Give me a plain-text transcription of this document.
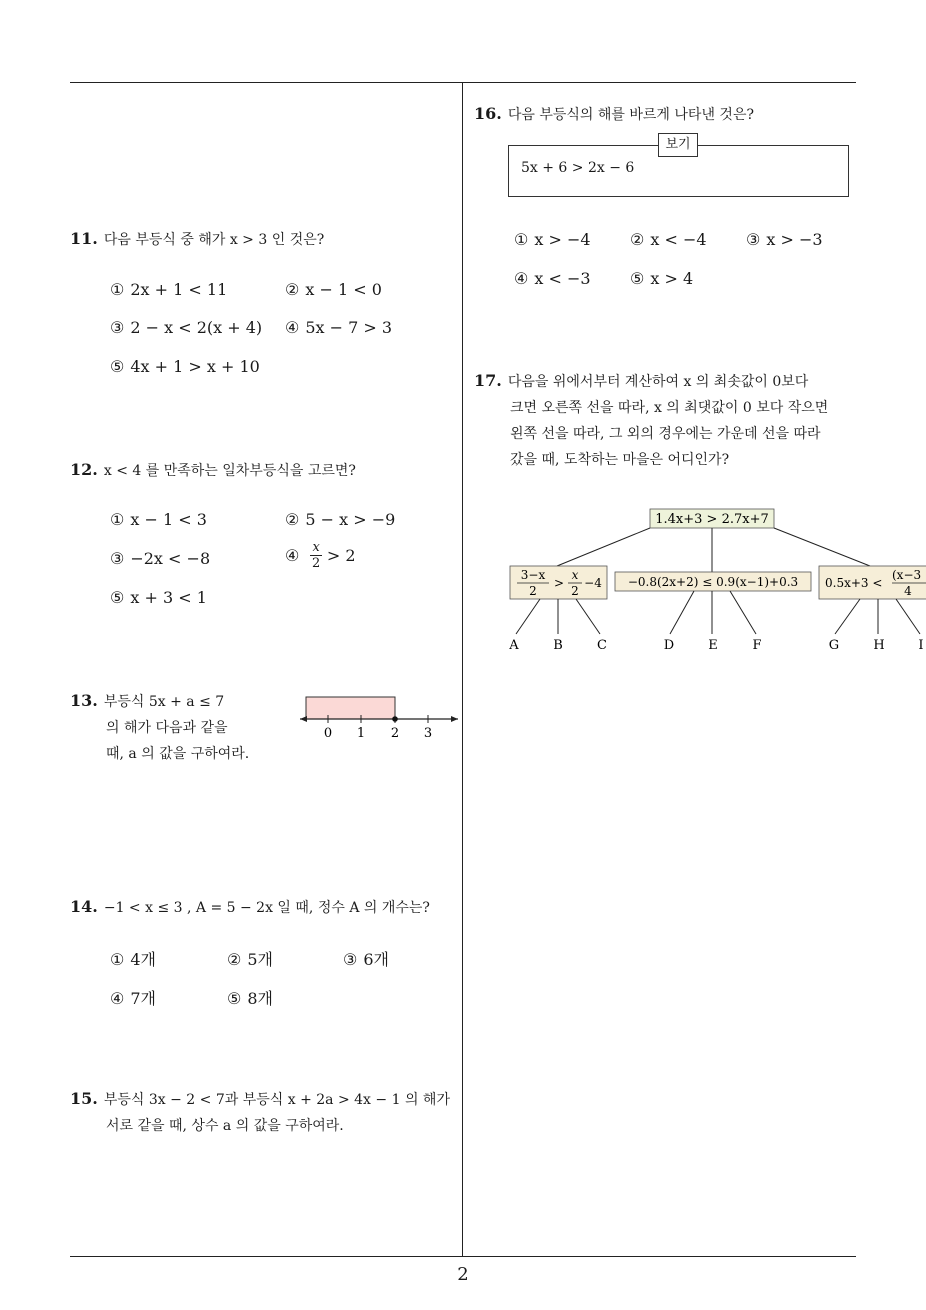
2
11. 다음 부등식 중 해가 x > 3 인 것은?
① 2x + 1 < 11	② x − 1 < 0
③ 2 − x < 2(x + 4) ④ 5x − 7 > 3
⑤ 4x + 1 > x + 10
12. x < 4 를 만족하는 일차부등식을 고르면?
① x − 1 < 3	② 5 − x > −9
③ −2x < −8	④ $\frac{x}{2} > 2$
⑤ x + 3 < 1
13. 부등식 5x + a ≤ 7
의 해가 다음과 같을
때, a 의 값을 구하여라.
0 1 2 3
14. −1 < x ≤ 3 , A = 5 − 2x 일 때, 정수 A 의 개수는?
① 4개	② 5개	③ 6개
④ 7개	⑤ 8개
15. 부등식 3x − 2 < 7과 부등식 x + 2a > 4x − 1 의 해가
서로 같을 때, 상수 a 의 값을 구하여라.
16. 다음 부등식의 해를 바르게 나타낸 것은?
보기
5x + 6 > 2x − 6
① x > −4 ② x < −4 ③ x > −3
④ x < −3 ⑤ x > 4
17. 다음을 위에서부터 계산하여 x 의 최솟값이 0보다
크면 오른쪽 선을 따라, x 의 최댓값이 0 보다 작으면
왼쪽 선을 따라, 그 외의 경우에는 가운데 선을 따라
갔을 때, 도착하는 마을은 어디인가?
1.4x+3 > 2.7x+7
3−x
2
>
x
2
−4 −0.8(2x+2) ≤ 0.9(x−1)+0.3 0.5x+3 <
(x−3
4
A	B	C	D	E	F	G	H	I
